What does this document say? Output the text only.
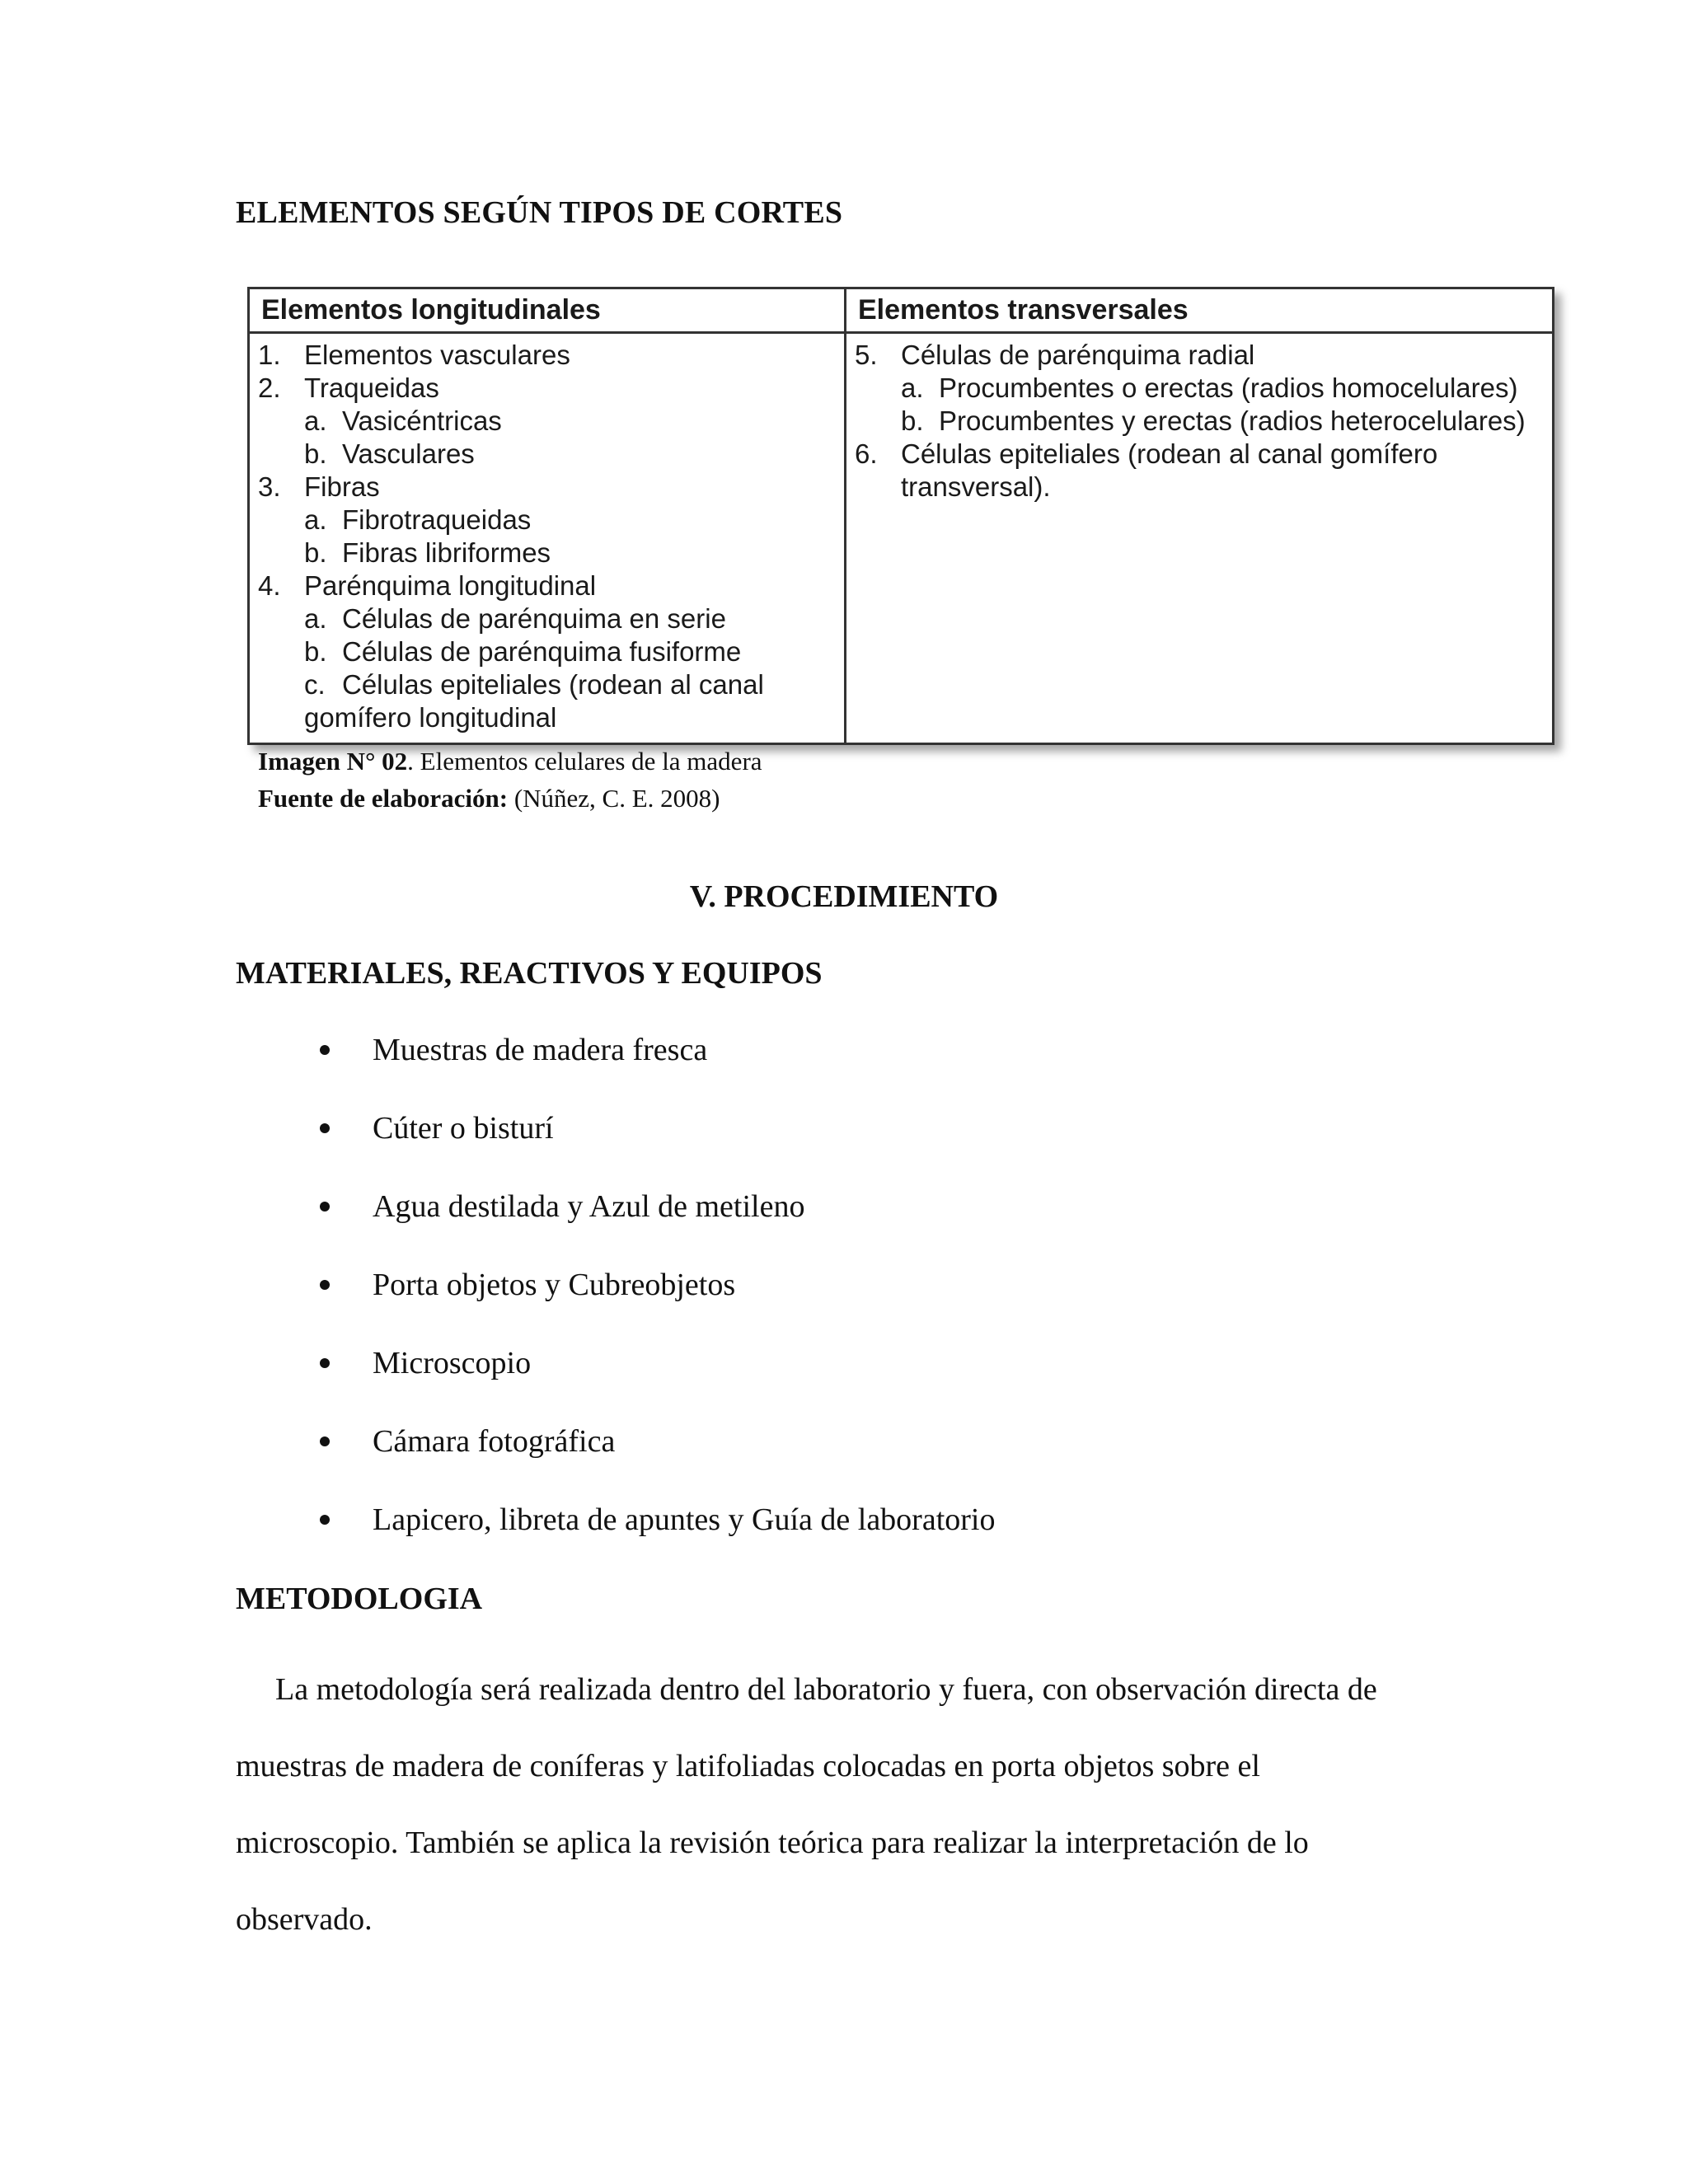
ELEMENTOS SEGÚN TIPOS DE CORTES
Elementos longitudinales	Elementos transversales
1. Elementos vasculares
2. Traqueidas
a. Vasicéntricas
b. Vasculares
3. Fibras
a. Fibrotraqueidas
b. Fibras libriformes
4. Parénquima longitudinal
a. Células de parénquima en serie
b. Células de parénquima fusiforme
c. Células epiteliales (rodean al canal
gomífero longitudinal
5. Células de parénquima radial
a. Procumbentes o erectas (radios homocelulares)
b. Procumbentes y erectas (radios heterocelulares)
6. Células epiteliales (rodean al canal gomífero
transversal).
Imagen N° 02. Elementos celulares de la madera
Fuente de elaboración: (Núñez, C. E. 2008)
V. PROCEDIMIENTO
MATERIALES, REACTIVOS Y EQUIPOS
Muestras de madera fresca
Cúter o bisturí
Agua destilada y Azul de metileno
Porta objetos y Cubreobjetos
Microscopio
Cámara fotográfica
Lapicero, libreta de apuntes y Guía de laboratorio
METODOLOGIA

La metodología será realizada dentro del laboratorio y fuera, con observación directa de
muestras de madera de coníferas y latifoliadas colocadas en porta objetos sobre el
microscopio. También se aplica la revisión teórica para realizar la interpretación de lo
observado.
